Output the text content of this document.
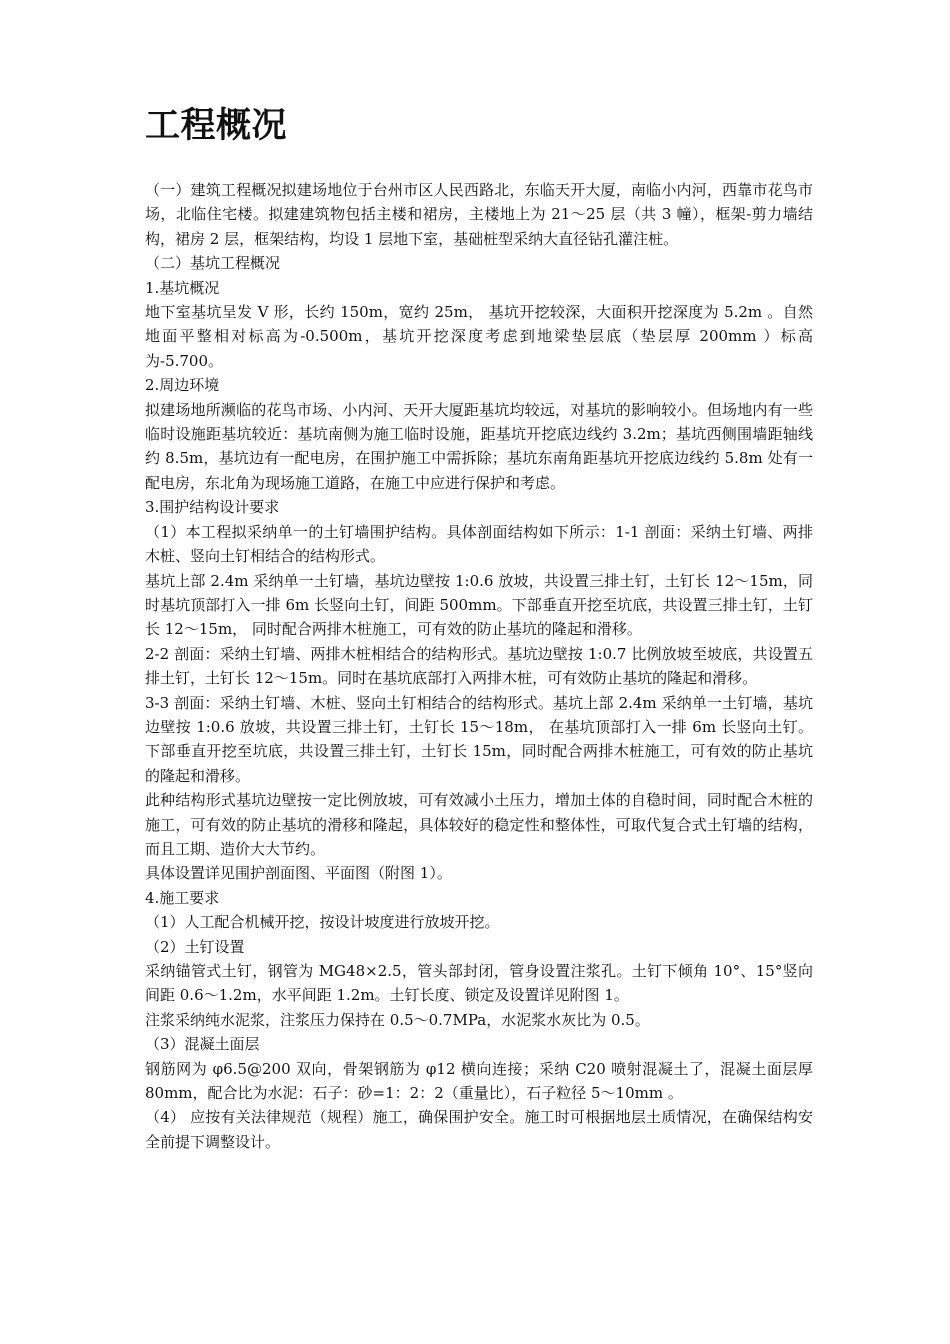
工程概况

（一）建筑工程概况拟建场地位于台州市区人民西路北，东临天开大厦，南临小内河，西靠市花鸟市场，北临住宅楼。拟建建筑物包括主楼和裙房，主楼地上为 21～25 层（共 3 幢），框架-剪力墙结构，裙房 2 层，框架结构，均设 1 层地下室，基础桩型采纳大直径钻孔灌注桩。

（二）基坑工程概况

1.基坑概况

地下室基坑呈发 V 形，长约 150m，宽约 25m， 基坑开挖较深，大面积开挖深度为 5.2m 。自然地面平整相对标高为-0.500m，基坑开挖深度考虑到地梁垫层底（垫层厚 200mm ）标高为-5.700。

2.周边环境

拟建场地所濒临的花鸟市场、小内河、天开大厦距基坑均较远，对基坑的影响较小。但场地内有一些临时设施距基坑较近：基坑南侧为施工临时设施，距基坑开挖底边线约 3.2m；基坑西侧围墙距轴线约 8.5m，基坑边有一配电房，在围护施工中需拆除；基坑东南角距基坑开挖底边线约 5.8m 处有一配电房，东北角为现场施工道路，在施工中应进行保护和考虑。

3.围护结构设计要求

（1）本工程拟采纳单一的土钉墙围护结构。具体剖面结构如下所示：1-1 剖面：采纳土钉墙、两排木桩、竖向土钉相结合的结构形式。

基坑上部 2.4m 采纳单一土钉墙，基坑边壁按 1:0.6 放坡，共设置三排土钉，土钉长 12～15m，同时基坑顶部打入一排 6m 长竖向土钉，间距 500mm。下部垂直开挖至坑底，共设置三排土钉，土钉长 12～15m， 同时配合两排木桩施工，可有效的防止基坑的隆起和滑移。

2-2 剖面：采纳土钉墙、两排木桩相结合的结构形式。基坑边壁按 1:0.7 比例放坡至坡底，共设置五排土钉，土钉长 12～15m。同时在基坑底部打入两排木桩，可有效防止基坑的隆起和滑移。

3-3 剖面：采纳土钉墙、木桩、竖向土钉相结合的结构形式。基坑上部 2.4m 采纳单一土钉墙，基坑边壁按 1:0.6 放坡，共设置三排土钉，土钉长 15～18m， 在基坑顶部打入一排 6m 长竖向土钉。下部垂直开挖至坑底，共设置三排土钉，土钉长 15m，同时配合两排木桩施工，可有效的防止基坑的隆起和滑移。

此种结构形式基坑边壁按一定比例放坡，可有效减小土压力，增加土体的自稳时间，同时配合木桩的施工，可有效的防止基坑的滑移和隆起，具体较好的稳定性和整体性，可取代复合式土钉墙的结构，而且工期、造价大大节约。

具体设置详见围护剖面图、平面图（附图 1）。

4.施工要求

（1）人工配合机械开挖，按设计坡度进行放坡开挖。

（2）土钉设置

采纳锚管式土钉，钢管为 MG48×2.5，管头部封闭，管身设置注浆孔。土钉下倾角 10°、15°竖向间距 0.6～1.2m，水平间距 1.2m。土钉长度、锁定及设置详见附图 1。

注浆采纳纯水泥浆，注浆压力保持在 0.5～0.7MPa，水泥浆水灰比为 0.5。

（3）混凝土面层

钢筋网为 φ6.5@200 双向，骨架钢筋为 φ12 横向连接；采纳 C20 喷射混凝土了，混凝土面层厚 80mm，配合比为水泥：石子：砂=1：2：2（重量比），石子粒径 5～10mm 。

（4） 应按有关法律规范（规程）施工，确保围护安全。施工时可根据地层土质情况，在确保结构安全前提下调整设计。
